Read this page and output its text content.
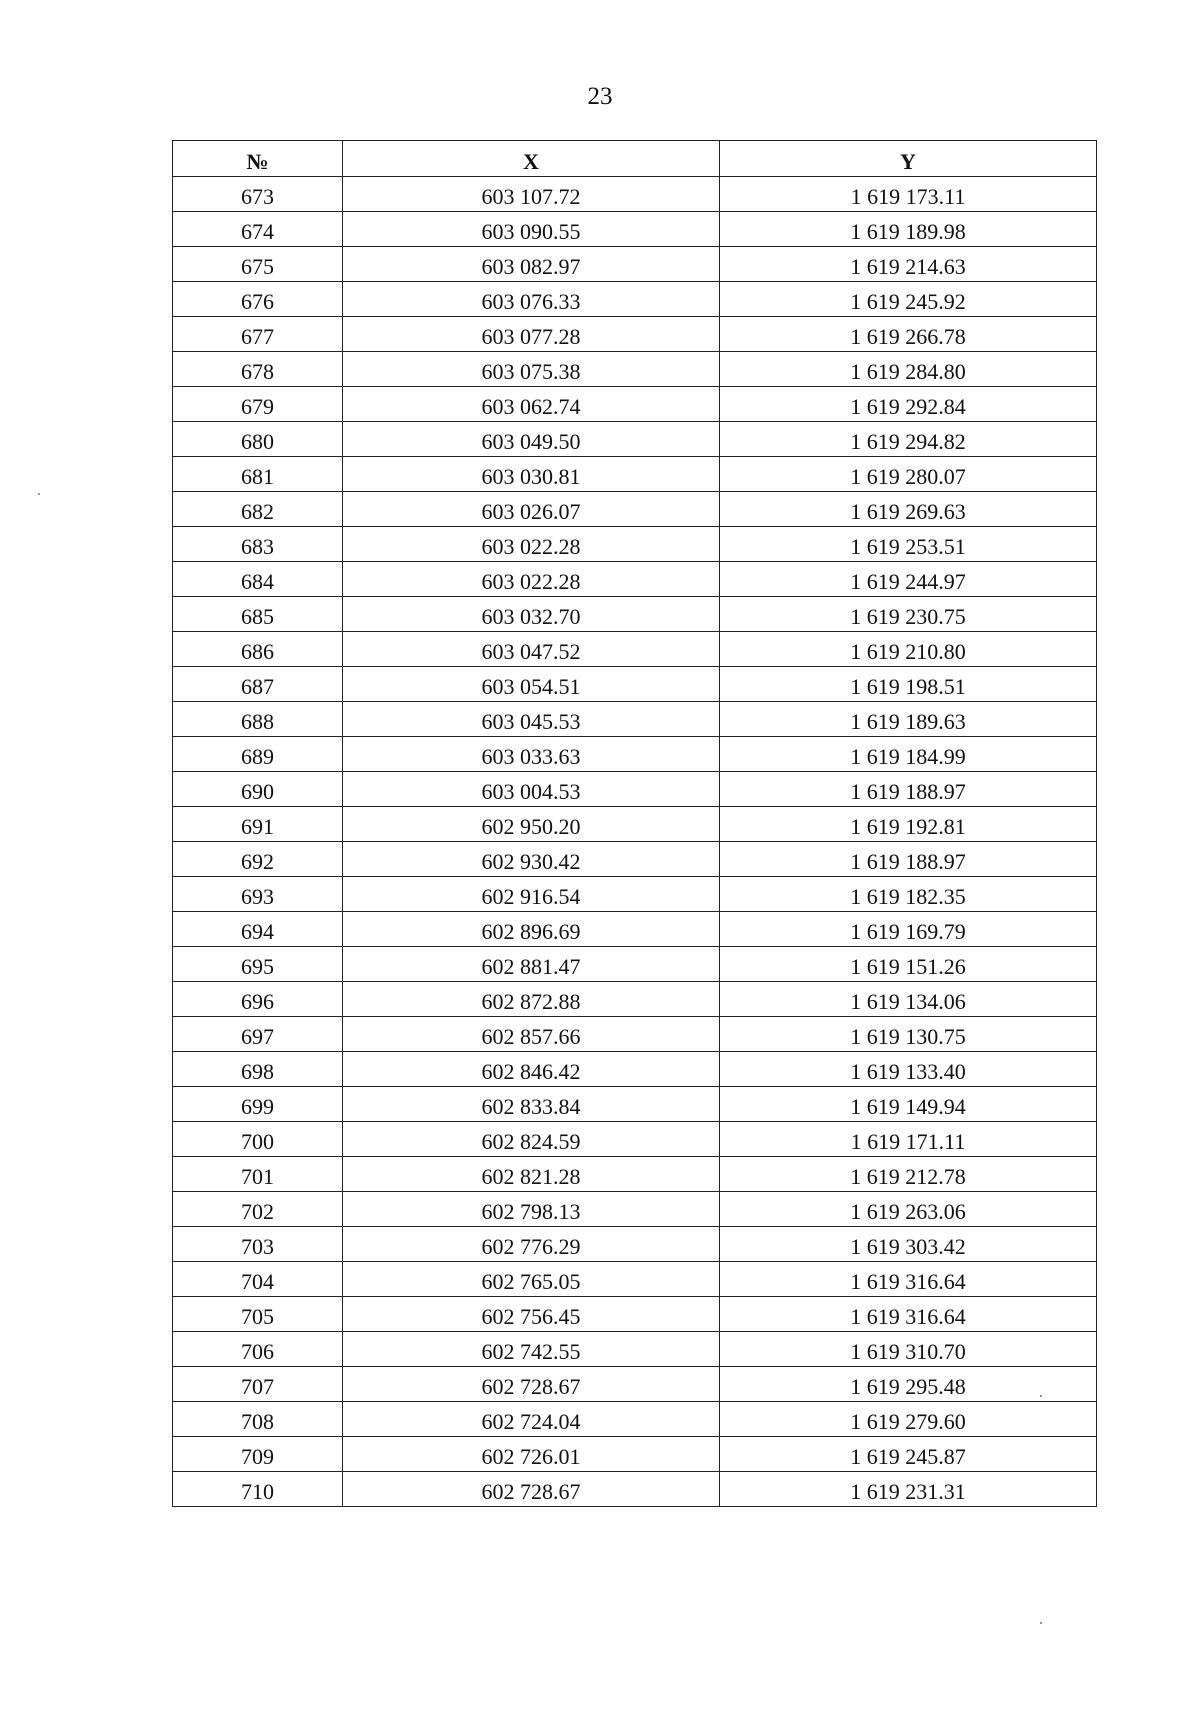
23
№	X	Y
673	603 107.72	1 619 173.11
674	603 090.55	1 619 189.98
675	603 082.97	1 619 214.63
676	603 076.33	1 619 245.92
677	603 077.28	1 619 266.78
678	603 075.38	1 619 284.80
679	603 062.74	1 619 292.84
680	603 049.50	1 619 294.82
681	603 030.81	1 619 280.07
682	603 026.07	1 619 269.63
683	603 022.28	1 619 253.51
684	603 022.28	1 619 244.97
685	603 032.70	1 619 230.75
686	603 047.52	1 619 210.80
687	603 054.51	1 619 198.51
688	603 045.53	1 619 189.63
689	603 033.63	1 619 184.99
690	603 004.53	1 619 188.97
691	602 950.20	1 619 192.81
692	602 930.42	1 619 188.97
693	602 916.54	1 619 182.35
694	602 896.69	1 619 169.79
695	602 881.47	1 619 151.26
696	602 872.88	1 619 134.06
697	602 857.66	1 619 130.75
698	602 846.42	1 619 133.40
699	602 833.84	1 619 149.94
700	602 824.59	1 619 171.11
701	602 821.28	1 619 212.78
702	602 798.13	1 619 263.06
703	602 776.29	1 619 303.42
704	602 765.05	1 619 316.64
705	602 756.45	1 619 316.64
706	602 742.55	1 619 310.70
707	602 728.67	1 619 295.48
708	602 724.04	1 619 279.60
709	602 726.01	1 619 245.87
710	602 728.67	1 619 231.31
